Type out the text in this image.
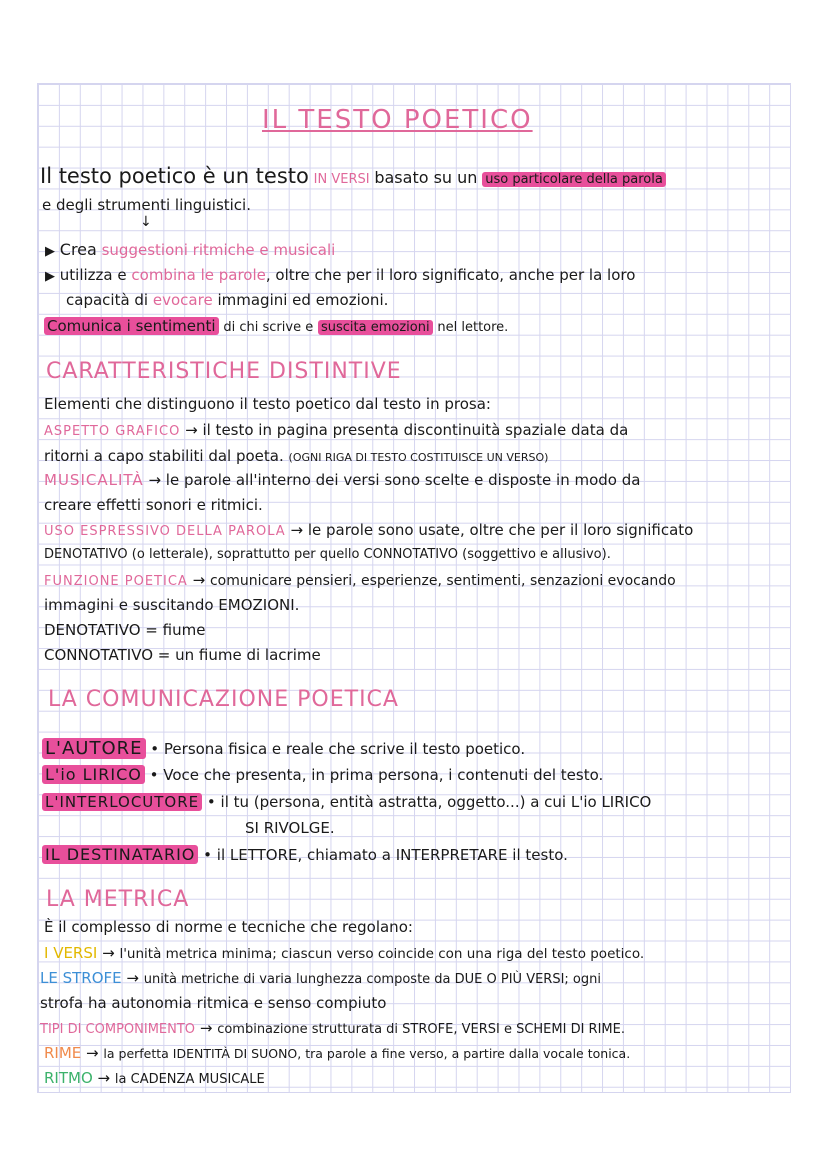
IL TESTO POETICO
Il testo poetico è un testo IN VERSI basato su un uso particolare della parola
e degli strumenti linguistici.
↓
▶ Crea suggestioni ritmiche e musicali
▶ utilizza e combina le parole, oltre che per il loro significato, anche per la loro
capacità di evocare immagini ed emozioni.
Comunica i sentimenti di chi scrive e suscita emozioni nel lettore.
CARATTERISTICHE DISTINTIVE
Elementi che distinguono il testo poetico dal testo in prosa:
ASPETTO GRAFICO → il testo in pagina presenta discontinuità spaziale data da
ritorni a capo stabiliti dal poeta. (OGNI RIGA DI TESTO COSTITUISCE UN VERSO)
MUSICALITÀ → le parole all'interno dei versi sono scelte e disposte in modo da
creare effetti sonori e ritmici.
USO ESPRESSIVO DELLA PAROLA → le parole sono usate, oltre che per il loro significato
DENOTATIVO (o letterale), soprattutto per quello CONNOTATIVO (soggettivo e allusivo).
FUNZIONE POETICA → comunicare pensieri, esperienze, sentimenti, senzazioni evocando
immagini e suscitando EMOZIONI.
DENOTATIVO = fiume
CONNOTATIVO = un fiume di lacrime
LA COMUNICAZIONE POETICA
L'AUTORE • Persona fisica e reale che scrive il testo poetico.
L'io LIRICO • Voce che presenta, in prima persona, i contenuti del testo.
L'INTERLOCUTORE • il tu (persona, entità astratta, oggetto...) a cui L'io LIRICO
SI RIVOLGE.
IL DESTINATARIO • il LETTORE, chiamato a INTERPRETARE il testo.
LA METRICA
È il complesso di norme e tecniche che regolano:
I VERSI → l'unità metrica minima; ciascun verso coincide con una riga del testo poetico.
LE STROFE → unità metriche di varia lunghezza composte da DUE O PIÙ VERSI; ogni
strofa ha autonomia ritmica e senso compiuto
TIPI DI COMPONIMENTO → combinazione strutturata di STROFE, VERSI e SCHEMI DI RIME.
RIME → la perfetta IDENTITÀ DI SUONO, tra parole a fine verso, a partire dalla vocale tonica.
RITMO → la CADENZA MUSICALE
